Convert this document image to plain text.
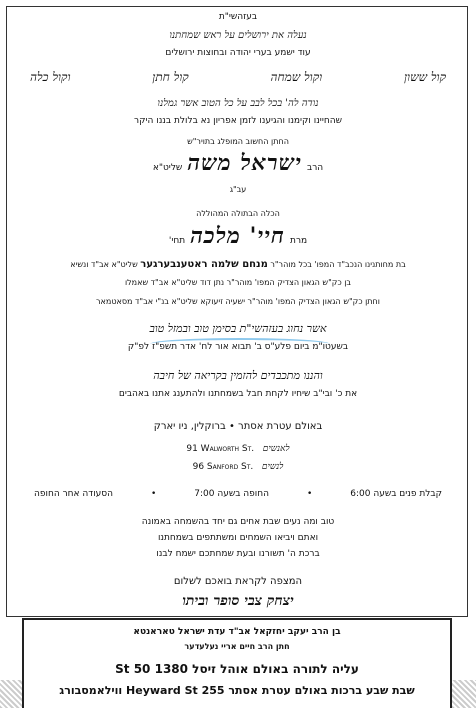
בעזהשי"ת
נעלה את ירושלים על ראש שמחתנו
עוד ישמע בערי יהודה ובחוצות ירושלים
קול ששון
וקול שמחה
קול חתן
וקול כלה
נודה לה' בכל לבב על כל הטוב אשר גמלנו
שהחיינו וקימנו והגיענו לזמן אפריון נא בלולת בננו היקר
החתן החשוב המופלג בתויר"ש
הרב ישראל משה שליט"א
עב"ג
הכלה הבתולה המהוללה
מרת חיי' מלכה תחי'
בת מחותנינו הנכב"ד המפו' בכל מוהר"ר מנחם שלמה ראטענבערגער שליט"א אב"ד ונשיא
בן כק"ש הגאון הצדיק המפו' מוהר"ר נתן דוד שליט"א אב"ד שאמלו
וחתן כק"ש הגאון הצדיק המפו' מוהר"ר ישעיה זיעוקא שליט"א בנ"י אב"ד מסאטמאר
אשר נחוג בעזהשי"ת בסימן טוב ובמזל טוב
בשעטו"מ ביום פלע"ס ב' תבוא אור לח' אדר תשפ"ז לפ"ק
והננו מתכבדים להזמין בקריאה של חיבה
את כ' ובי"ב שיחיו לקחת חבל בשמחתנו ולהתענג אתנו באהבים
באולם עטרת אסתר • ברוקלין, ניו יארק
לאנשים   91 Walworth St.
לנשים   96 Sanford St.
קבלת פנים בשעה 6:00
•
החופה בשעה 7:00
•
הסעודה אחר החופה
טוב ומה נעים שבת אחים גם יחד בהשמחה באמונה
ואתם ויביאו השמחים ומשתתפים בשמחתנו
ברכת ה' תשורנו ובעת שמחתכם ישמח לבנו
המצפה לקראת בואכם לשלום
יצחק צבי סופר וביתו
בן הרב יעקב יחזקאל אב"ד עדת ישראל טאראנטא
חתן הרב חיים אריי נעלעדער
עליה לתורה באולם אוהל זיסל 1380 50 St
שבת שבע ברכות באולם עטרת אסתר 255 Heyward St ווילאמסבורג
